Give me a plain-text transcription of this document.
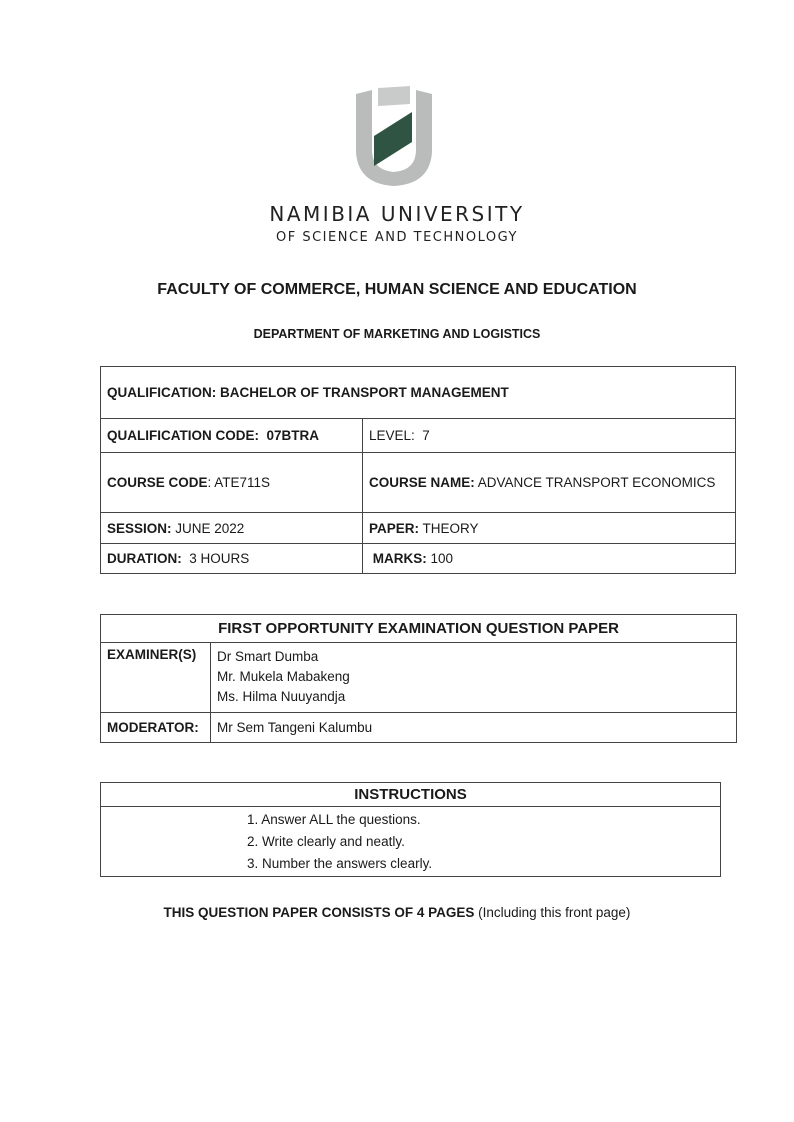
NAMIBIA UNIVERSITY
OF SCIENCE AND TECHNOLOGY
FACULTY OF COMMERCE, HUMAN SCIENCE AND EDUCATION
DEPARTMENT OF MARKETING AND LOGISTICS
QUALIFICATION: BACHELOR OF TRANSPORT MANAGEMENT	
QUALIFICATION CODE: 07BTRA	LEVEL: 7
COURSE CODE: ATE711S	COURSE NAME: ADVANCE TRANSPORT ECONOMICS
SESSION: JUNE 2022	PAPER: THEORY
DURATION: 3 HOURS	MARKS: 100
FIRST OPPORTUNITY EXAMINATION QUESTION PAPER	
EXAMINER(S)	Dr Smart Dumba
Mr. Mukela Mabakeng
Ms. Hilma Nuuyandja

MODERATOR:	Mr Sem Tangeni Kalumbu
INSTRUCTIONS

1. Answer ALL the questions.
2. Write clearly and neatly.
3. Number the answers clearly.
THIS QUESTION PAPER CONSISTS OF 4 PAGES (Including this front page)
